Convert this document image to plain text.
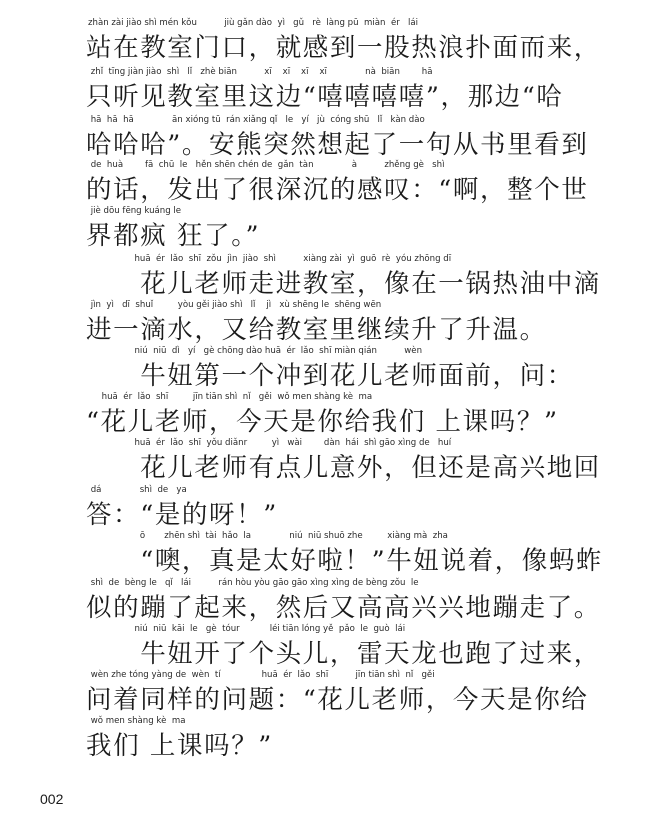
zhàn zài jiào shì mén kǒu          jiù gǎn dào  yì   gǔ   rè  làng pū  miàn  ér   lái
站在教室门口，就感到一股热浪扑面而来，
zhǐ  tīng jiàn jiào  shì   lǐ   zhè biān          xī    xī    xī    xī              nà  biān        hā
只听见教室里这边“嘻嘻嘻嘻”，那边“哈
hā  hā  hā              ān xióng tū  rán xiǎng qǐ   le   yí   jù  cóng shū   lǐ   kàn dào
哈哈哈”。安熊突然想起了一句从书里看到
de  huà        fā  chū  le   hěn shēn chén de  gǎn  tàn              à          zhěng gè   shì
的话，发出了很深沉的感叹：“啊，整个世
jiè dōu fēng kuáng le
界都疯 狂了。”
huā  ér  lǎo  shī  zǒu  jìn  jiào  shì          xiàng zài  yì  guō  rè  yóu zhōng dī
　　花儿老师走进教室，像在一锅热油中滴
jìn  yì   dī  shuǐ         yòu gěi jiào shì   lǐ    jì   xù shēng le  shēng wēn
进一滴水，又给教室里继续升了升温。
niú  niū  dì   yí   gè chōng dào huā  ér  lǎo  shī miàn qián          wèn
　　牛妞第一个冲到花儿老师面前，问：
huā  ér  lǎo  shī         jīn tiān shì  nǐ   gěi  wǒ men shàng kè  ma
“花儿老师，今天是你给我们 上课吗？”
huā  ér  lǎo  shī  yǒu diǎnr         yì   wài        dàn  hái  shì gāo xìng de   huí
　　花儿老师有点儿意外，但还是高兴地回
dá              shì  de   ya
答：“是的呀！”
ō       zhēn shì  tài  hǎo  la              niú  niū shuō zhe         xiàng mà  zha
　　“噢，真是太好啦！”牛妞说着，像蚂蚱
shì  de  bèng le   qǐ   lái          rán hòu yòu gāo gāo xìng xìng de bèng zǒu  le
似的蹦了起来，然后又高高兴兴地蹦走了。
niú  niū  kāi  le   gè  tóur           léi tiān lóng yě  pǎo  le  guò  lái
　　牛妞开了个头儿，雷天龙也跑了过来，
wèn zhe tóng yàng de  wèn  tí               huā  ér  lǎo  shī          jīn tiān shì  nǐ   gěi
问着同样的问题：“花儿老师，今天是你给
wǒ men shàng kè  ma
我们 上课吗？”
002
